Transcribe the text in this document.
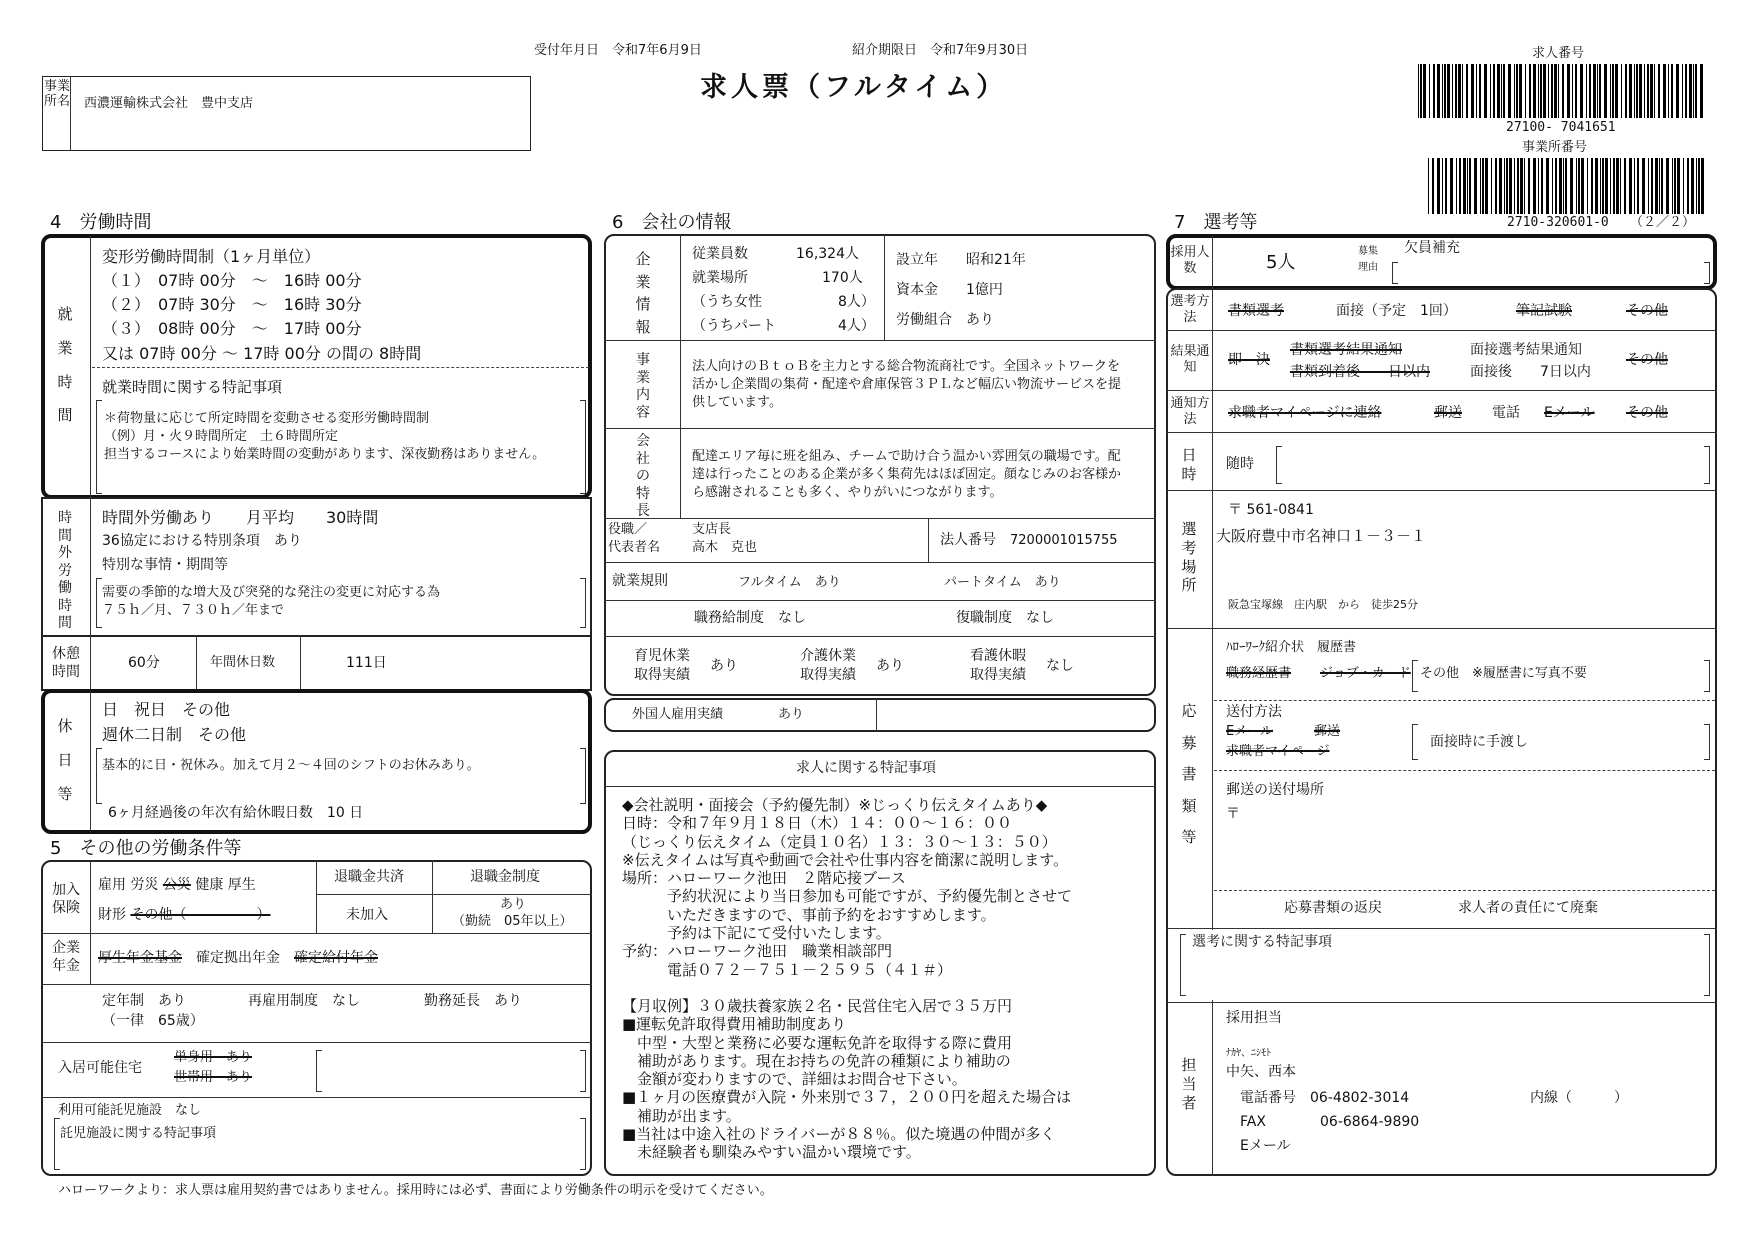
受付年月日　 令和7年6月9日	紹介期限日　 令和7年9月30日
求人票（フルタイム）
事業所名 西濃運輸株式会社　豊中支店
求人番号
27100- 7041651
事業所番号
2710-320601-0 （２／２）
4　労働時間
就業時間
変形労働時間制（1ヶ月単位）
（１）　07時 00分　～　16時 00分
（２）　07時 30分　～　16時 30分
（３）　08時 00分　～　17時 00分
又は 07時 00分 ～ 17時 00分 の間の 8時間
就業時間に関する特記事項
＊荷物量に応じて所定時間を変動させる変形労働時間制
（例）月・火９時間所定　土６時間所定
担当するコースにより始業時間の変動があります、深夜勤務はありません。
時間外労働時間
時間外労働あり　　月平均　　30時間
36協定における特別条項　あり
特別な事情・期間等
需要の季節的な増大及び突発的な発注の変更に対応する為
７５ｈ／月、７３０ｈ／年まで
休憩時間
60分	年間休日数	111日
休日等
日　祝日　その他
週休二日制　その他
基本的に日・祝休み。加えて月２～４回のシフトのお休みあり。
6ヶ月経過後の年次有給休暇日数　10 日
5　その他の労働条件等
加入保険
雇用 労災 公災 健康 厚生
財形 その他（　　　　　）
退職金共済
未加入
退職金制度
あり
（勤続　05年以上）
企業年金	厚生年金基金　 確定拠出年金　 確定給付年金
定年制　あり
（一律　65歳）
再雇用制度　なし	勤務延長　あり
入居可能住宅
単身用　あり
世帯用　あり
利用可能託児施設　なし
託児施設に関する特記事項
6　会社の情報
企業情報
従業員数	16,324人
就業場所	170人
（うち女性	8人）
（うちパート	4人）
設立年　　 昭和21年
資本金　　 1億円
労働組合　 あり
事業内容
法人向けのＢｔｏＢを主力とする総合物流商社です。全国ネットワークを活かし企業間の集荷・配達や倉庫保管３ＰＬなど幅広い物流サービスを提供しています。
会社の特長
配達エリア毎に班を組み、チームで助け合う温かい雰囲気の職場です。配達は行ったことのある企業が多く集荷先はほぼ固定。顔なじみのお客様から感謝されることも多く、やりがいにつながります。
役職／
代表者名
支店長
高木　克也	法人番号　 7200001015755
就業規則	フルタイム　あり	パートタイム　あり
職務給制度　なし	復職制度　なし
育児休業
取得実績
あり
介護休業
取得実績
あり
看護休暇
取得実績
なし
外国人雇用実績	あり
求人に関する特記事項
◆会社説明・面接会（予約優先制）※じっくり伝えタイムあり◆
日時：令和７年９月１８日（木）１４：００～１６：００
（じっくり伝えタイム（定員１０名）１３：３０～１３：５０）
※伝えタイムは写真や動画で会社や仕事内容を簡潔に説明します。
場所：ハローワーク池田　２階応接ブース
　　　予約状況により当日参加も可能ですが、予約優先制とさせて
　　　いただきますので、事前予約をおすすめします。
　　　予約は下記にて受付いたします。
予約：ハローワーク池田　職業相談部門
　　　電話０７２－７５１－２５９５（４１＃）
【月収例】３０歳扶養家族２名・民営住宅入居で３５万円
■運転免許取得費用補助制度あり
　中型・大型と業務に必要な運転免許を取得する際に費用
　補助があります。現在お持ちの免許の種類により補助の
　金額が変わりますので、詳細はお問合せ下さい。
■１ヶ月の医療費が入院・外来別で３７，２００円を超えた場合は
　補助が出ます。
■当社は中途入社のドライバーが８８％。似た境遇の仲間が多く
　未経験者も馴染みやすい温かい環境です。
7　選考等
採用人数	5人
募集
理由
欠員補充
選考方法	書類選考	面接（予定　1回）	筆記試験	その他
結果通知	即　決
書類選考結果通知
書類到着後　　日以内
面接選考結果通知
面接後　　7日以内
その他
通知方法	求職者マイページに連絡	郵送 電話 Eメール その他
日時
随時
選考場所
〒 561-0841
大阪府豊中市名神口１－３－１
阪急宝塚線　庄内駅　から　徒歩25分
応募書類等
ﾊﾛｰﾜｰｸ紹介状　履歴書
職務経歴書 ジョブ・カード その他　※履歴書に写真不要
送付方法
Eメール	郵送
求職者マイページ
面接時に手渡し
郵送の送付場所
〒
応募書類の返戻	求人者の責任にて廃棄
選考に関する特記事項
担当者
採用担当
ﾅｶﾔ、ﾆｼﾓﾄ
中矢、西本
電話番号　 06-4802-3014	内線（　　　）
FAX	06-6864-9890
Eメール
ハローワークより：求人票は雇用契約書ではありません。採用時には必ず、書面により労働条件の明示を受けてください。
